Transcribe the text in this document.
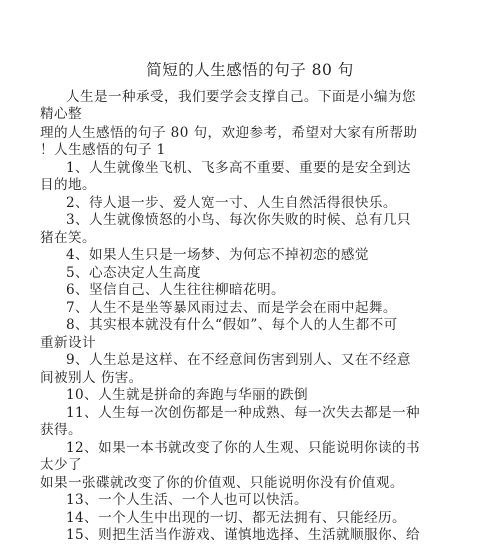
简短的人生感悟的句子 80 句
人生是一种承受，我们要学会支撑自己。下面是小编为您
精心整
理的人生感悟的句子 80 句，欢迎参考，希望对大家有所帮助
！人生感悟的句子 1
1、人生就像坐飞机、飞多高不重要、重要的是安全到达
目的地。
2、待人退一步、爱人宽一寸、人生自然活得很快乐。
3、人生就像愤怒的小鸟、每次你失败的时候、总有几只
猪在笑。
4、如果人生只是一场梦、为何忘不掉初恋的感觉
5、心态决定人生高度
6、坚信自己、人生往往柳暗花明。
7、人生不是坐等暴风雨过去、而是学会在雨中起舞。
8、其实根本就没有什么“假如”、每个人的人生都不可
重新设计
9、人生总是这样、在不经意间伤害到别人、又在不经意
间被别人 伤害。
10、人生就是拼命的奔跑与华丽的跌倒
11、人生每一次创伤都是一种成熟、每一次失去都是一种
获得。
12、如果一本书就改变了你的人生观、只能说明你读的书
太少了
如果一张碟就改变了你的价值观、只能说明你没有价值观。
13、一个人生活、一个人也可以快活。
14、一个人生中出现的一切、都无法拥有、只能经历。
15、则把生活当作游戏、谨慎地选择、生活就顺服你、给
